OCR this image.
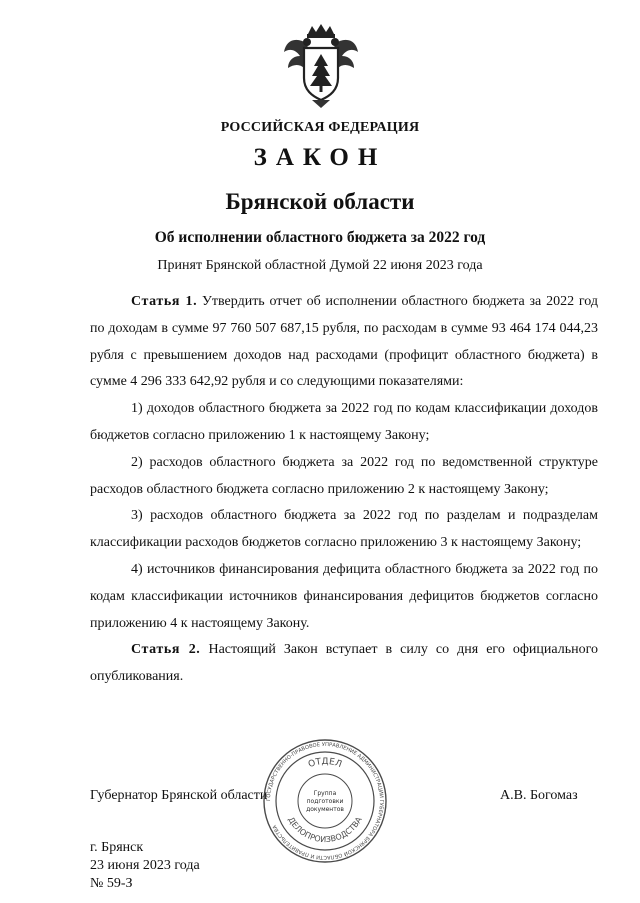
РОССИЙСКАЯ ФЕДЕРАЦИЯ
ЗАКОН
Брянской области
Об исполнении областного бюджета за 2022 год
Принят Брянской областной Думой 22 июня 2023 года

Статья 1. Утвердить отчет об исполнении областного бюджета за 2022 год по доходам в сумме 97 760 507 687,15 рубля, по расходам в сумме 93 464 174 044,23 рубля с превышением доходов над расходами (профицит областного бюджета) в сумме 4 296 333 642,92 рубля и со следующими показателями:

1) доходов областного бюджета за 2022 год по кодам классификации доходов бюджетов согласно приложению 1 к настоящему Закону;

2) расходов областного бюджета за 2022 год по ведомственной структуре расходов областного бюджета согласно приложению 2 к настоящему Закону;

3) расходов областного бюджета за 2022 год по разделам и подразделам классификации расходов бюджетов согласно приложению 3 к настоящему Закону;

4) источников финансирования дефицита областного бюджета за 2022 год по кодам классификации источников финансирования дефицитов бюджетов согласно приложению 4 к настоящему Закону.

Статья 2. Настоящий Закон вступает в силу со дня его официального опубликования.

Губернатор Брянской области	А.В. Богомаз
г. Брянск
23 июня 2023 года
№ 59-З
ГОСУДАРСТВЕННО-ПРАВОВОЕ УПРАВЛЕНИЕ АДМИНИСТРАЦИИ ГУБЕРНАТОРА БРЯНСКОЙ ОБЛАСТИ И ПРАВИТЕЛЬСТВА
ОТДЕЛ
ДЕЛОПРОИЗВОДСТВА
Группа
подготовки
документов
